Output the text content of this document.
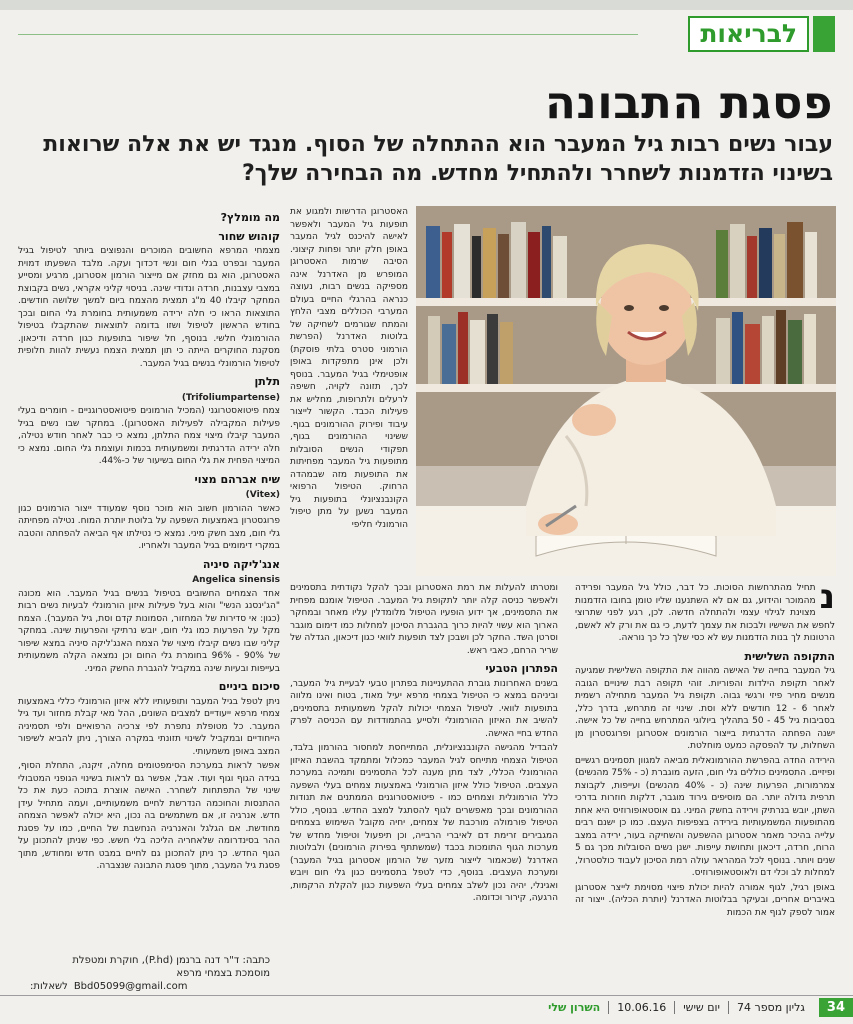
לבריאות
פסגת התבונה
עבור נשים רבות גיל המעבר הוא ההתחלה של הסוף. מנגד יש את אלה שרואות בשינוי הזדמנות לשחרר ולהתחיל מחדש. מה הבחירה שלך?
נ

תחיל מהתרחשות הסוכות. כל דבר, כולל גיל המעבר ופרידה מהמוכר והידוע, גם אם לא השתנענו שליו טומן בחובו הזדמנות מצוינת לגילוי עצמי ולהתחלה חדשה. לכן, רגע לפני שתרוצי לחפש את השישיו ולבכות את עצמך לדעת, כי גם את ורק לא לאשם, הרטונות לך בנות הזדמנות עש לא כסי שלך כל כך נוראה.

התקופה השלישית

גיל המעבר בחייה של האישה מהווה את התקופה השלישית שמגיעה לאחר תקופת הילדות והפוריות. זוהי תקופה רבת שינויים הגובה מנשים מחיר פיזי ורגשי גבוה. תקופת גיל המעבר מתחילה רשמית לאחר 6 - 12 חודשים ללא וסת. שינוי זה מתרחש, בדרך כלל, בסביבות גיל 45 - 50 בתהליך ביולוגי המתרחש בחייה של כל אישה. ישנה הפחתה הדרגתית בייצור הורמונים אסטרוגן ופרוגסטרון מן השחלות, עד להפסקה כמעט מוחלטת.

הירידה החדה בהפרשת ההורמונאלית מביאה למגוון תסמינים רגשיים ופיזיים. התסמינים כוללים גלי חום, הזעה מוגברת (כ - 75% מהנשים) צמרמורות, הפרעות שינה (כ - 40% מהנשים) ועייפות, לקבוצת תרפית גדולה יותר. הם מוסיפים גירוד מוגבר, דלקות חוזרות בדרכי השתן, יובש בנרתיק וירידה בחשק המיני. גם אוסטאופורוזיס היא אחת מהתופעות המשמעותיות בירידה בצפיפות העצם. כמו כן ישנם רבים עלייה בהיכר מאמר אסטרוגן ההשפעה והשחיקה בעור, ירידה במצב הרוח, חרדה, דיכאון ותחושת עייפות. ישנן נשים הסובלות מכך גם 5 שנים ויותר. בנוסף לכל המהראר עולה רמת הסיכון לעבוד כולסטרול, למחלות לב וכלי דם ולאוסטאופורוזיס.

באופן רגיל, לגוף אמורה להיות יכולת פיצוי מסוימת לייצר אסטרוגן באיברים אחרים, ובעיקר בבלוטות האדרנל (יותרת הכליה). ייצור זה אמור לספק לגוף את הכמות

האסטרוגן הדרשות ולמגוע את תופעות גיל המעבר ולאפשר לאישה להיכנס לגיל המעבר באופן חלק יותר ופחות קיצוני. הסיבה שרמות האסטרוגן המופרש מן האדרנל אינה מספיקה בנשים רבות, נעוצה כנראה בהרגלי החיים בעולם המערבי הכוללים מצבי הלחץ והמתח שגורמים לשחיקה של בלוטות האדרנל (הפרשת הורמוני סטרס בלתי פוסקת) ולכן אינן מתפקדות באופן אופטימלי בגיל המעבר. בנוסף לכך, תזונה לקויה, חשיפה לרעלים ולתרופות, מחליש את פעילות הכבד. הקשור לייצור עיבוד ופירוק ההורמונים בגוף. ששינוי ההורמונים בגוף, תפקודי הנשים הסובלות מתופעות גיל המעבר מפחיתות את התופעות מזה שבמהדה הרחוק. הטיפול הרפואי הקונבנציונלי בתופעות גיל המעבר נשען על מתן טיפול הורמונלי חליפי

ומטרתו להעלות את רמת האסטרוגן ובכך להקל נקודתית בתסמינים ולאפשר כניסה קלה יותר לתקופת גיל המעבר. הטיפול אומנם מפחית את התסמינים, אך ידוע הופעיו הטיפול מלומדלין עליו מאחר ובמחקר הארוך הוא עשוי להיות כרוך בהגברת הסיכון למחלות כמו דימום מוגבר וסרטן השד. החקר לכן ושבכן לצד תופעות לוואי כגון דיכאון, הגדלה של שריר הרחם, כאבי ראש.

הפתרון הטבעי

בשנים האחרונות גוברת ההתעניינות בפתרון טבעי לבעיית גיל המעבר, וביניהם במצא כי הטיפול בצמחי מרפא יעיל מאוד, בטוח ואינו מלווה בתופעות לוואי. לטיפול הצמחי יכולות להקל משמעותית בתסמינים, להשיב את האיזון ההורמונלי ולסייע בהתמודדות עם הכניסה לפרק החדש בחיי האישה.

להבדיל מהגישה הקונבנציונלית, המתייחסת למחסור בהורמון בלבד, הטיפול הצמחי מתייחס לגיל המעבר כמכלול ומתמקד בהשבת האיזון ההורמונלי הכללי, לצד מתן מענה לכל התסמינים ותמיכה במערכת העצבים. הטיפול כולל איזון הורמונלי באמצעות צמחים בעלי השפעה כלל הורמונלית וצמחים כמו - פיטואסטרוגנים הממתנים את תנודות ההורמונים ובכך מאפשרים לגוף להסתגל למצב החדש. בנוסף, כולל הטיפול פורמולה מורכבת של צמחים, יחיה מקובל השימוש בצמחים המגבירים זרימת דם לאיברי הרבייה, וכן תיפעול וטיפול מחדש של מערכות הגוף התומכות בכבד (שמשתתף בפירוק הורמונים) ולבלוטות האדרנל (שכאמור לייצור מזער של הורמון אסטרוגן בגיל המעבר) ומערכת העצבים. בנוסף, כדי לטפל בתסמינים כגון גלי חום ויובש ואגינלי, יהיה נכון לשלב צמחים בעלי השפעות כגון להקלת הרקמות, הרגעה, קירור וכדומה.

מה מומלץ?
קוהוש שחור

מצמחי המרפא החשובים המוכרים והנפוצים ביותר לטיפול בגיל המעבר ובפרט בגלי חום ונשי דכדוך ועקה. מלבד השפעתו דמוית האסטרוגן, הוא גם מחזק אם מייצור הורמון אסטרוגן, מרגיע ומסייע במצבי עצבנות, חרדה ונדודי שינה. בניסוי קליני אקראי, נשים בקבוצת המחקר קיבלו 40 מ"ג תמצית מהצמח ביום למשך שלושה חודשים. התוצאות הראו כי חלה ירידה משמעותית בחומרת גלי החום ובכך בחודש הראשון לטיפול ושזו בדומה לתוצאות שהתקבלו בטיפול ההורמונלי חלשי. בנוסף, חל שיפור בתופעות כגון חרדה ודיכאון. מסקנת החוקרים הייתה כי תון תמצית הצמח נעשית להוות חלופית לטיפול הורמונלי בנשים בגיל המעבר.

תלתן
(Trifoliumpartense)

צמח פיטואסטרוגני (המכיל הורמונים פיטואסטרוגניים - חומרים בעלי פעילות המקבילה לפעילות האסטרוגן). במחקר שבו נשים בגיל המעבר קיבלו מיצוי צמח התלתן, נמצא כי כבר לאחר חודש נטילה, חלה ירידה הדרגתית ומשמעותית בכמות ועוצמת גלי החום. נמצא כי המיצוי הפחית את גלי החום בשיעור של כ-44%.

שיח אברהם מצוי
(Vitex)

כאשר ההורמון חשוב הוא מוכר נוסף שמעודד ייצור הורמונים כגון פרוגסטרון באמצעות השפעה על בלוטת יותרת המוח. נטילה מפחיתה גלי חום, מצב חשק מיני. נמצא כי נטילתו אף הביאה להפחתה והטבה במקרי דימומים בגיל המעבר ולאחריו.

אנג'ליקה סיניה
Angelica sinensis

אחד הצמחים החשובים בטיפול בנשים בגיל המעבר. הוא מכונה "הג'ינסנג הנשי" והוא בעל פעילות איזון הורמונלי לבעיות נשים רבות (כגון: אי סדירות של המחזור, הסמונות קדם וסת, גיל המעבר). הצמח מקל על הפרעות כמו גלי חום, יובש נרתיקי והפרעות שינה. במחקר קליני שבו נשים קיבלו מיצוי של הצמח האנג'ליקה סיניה במצא שיפור של 90% - 96% בחומרת גלי החום וכן נמצאה הקלה משמעותית בעייפות ובעיות שינה במקביל להגברת החשק המיני.

סיכום ביניים

ניתן לטפל בגיל המעבר ותופעותיו ללא איזון הורמונלי כללי באמצעות צמחי מרפא ייעודיים למצבים השונים, ההל מאי קבלת מחזור ועד גיל המעבר. כל מטופלת נתפרת לפי צרכיה הרפואיים ולפי תסמיניה הייחודיים ובמקביל לשינוי תזונתי במקרה הצורך, ניתן להביא לשיפור המצב באופן משמעותי.

אפשר לראות במערכת הסימפטומים מחלה, זיקנה, התחלת הסוף, בגידה הגוף וגוף ועוד. אבל, אפשר גם לראות בשינוי הגופני המטבולי שינוי של התפתחות לשחרר. האישה אוצרת בתוכה כעת את כל ההתנסות והחוכמה הנדרשת לחיים משמעותיים, ועמה מתחיל עידן חדש. אנרגיה זו, אם משתמשים בה נכון, היא יכולה לאפשר הצמחה מחודשת. אם הגלגל והאנרגיה הנחשבת של החיים, כמו על פסגת ההר בסינדרומה שלאחריה הליכה בלי חשש. כפי שניתן להתכונן על הגוף החדש. כך ניתן להתכונן גם לחיים במבט חדש ומחודש, מתוך פסגת גיל המעבר, מתוך פסגת התבונה שנצברה.

כתבה: ד"ר דנה ברנמן (P.hd), חוקרת ומטפלת
מוסמכת בצמחי מרפא
Bbd05099@gmail.com
לשאלות:
השרון שלי	10.06.16	יום שישי	גליון מספר 74	34
